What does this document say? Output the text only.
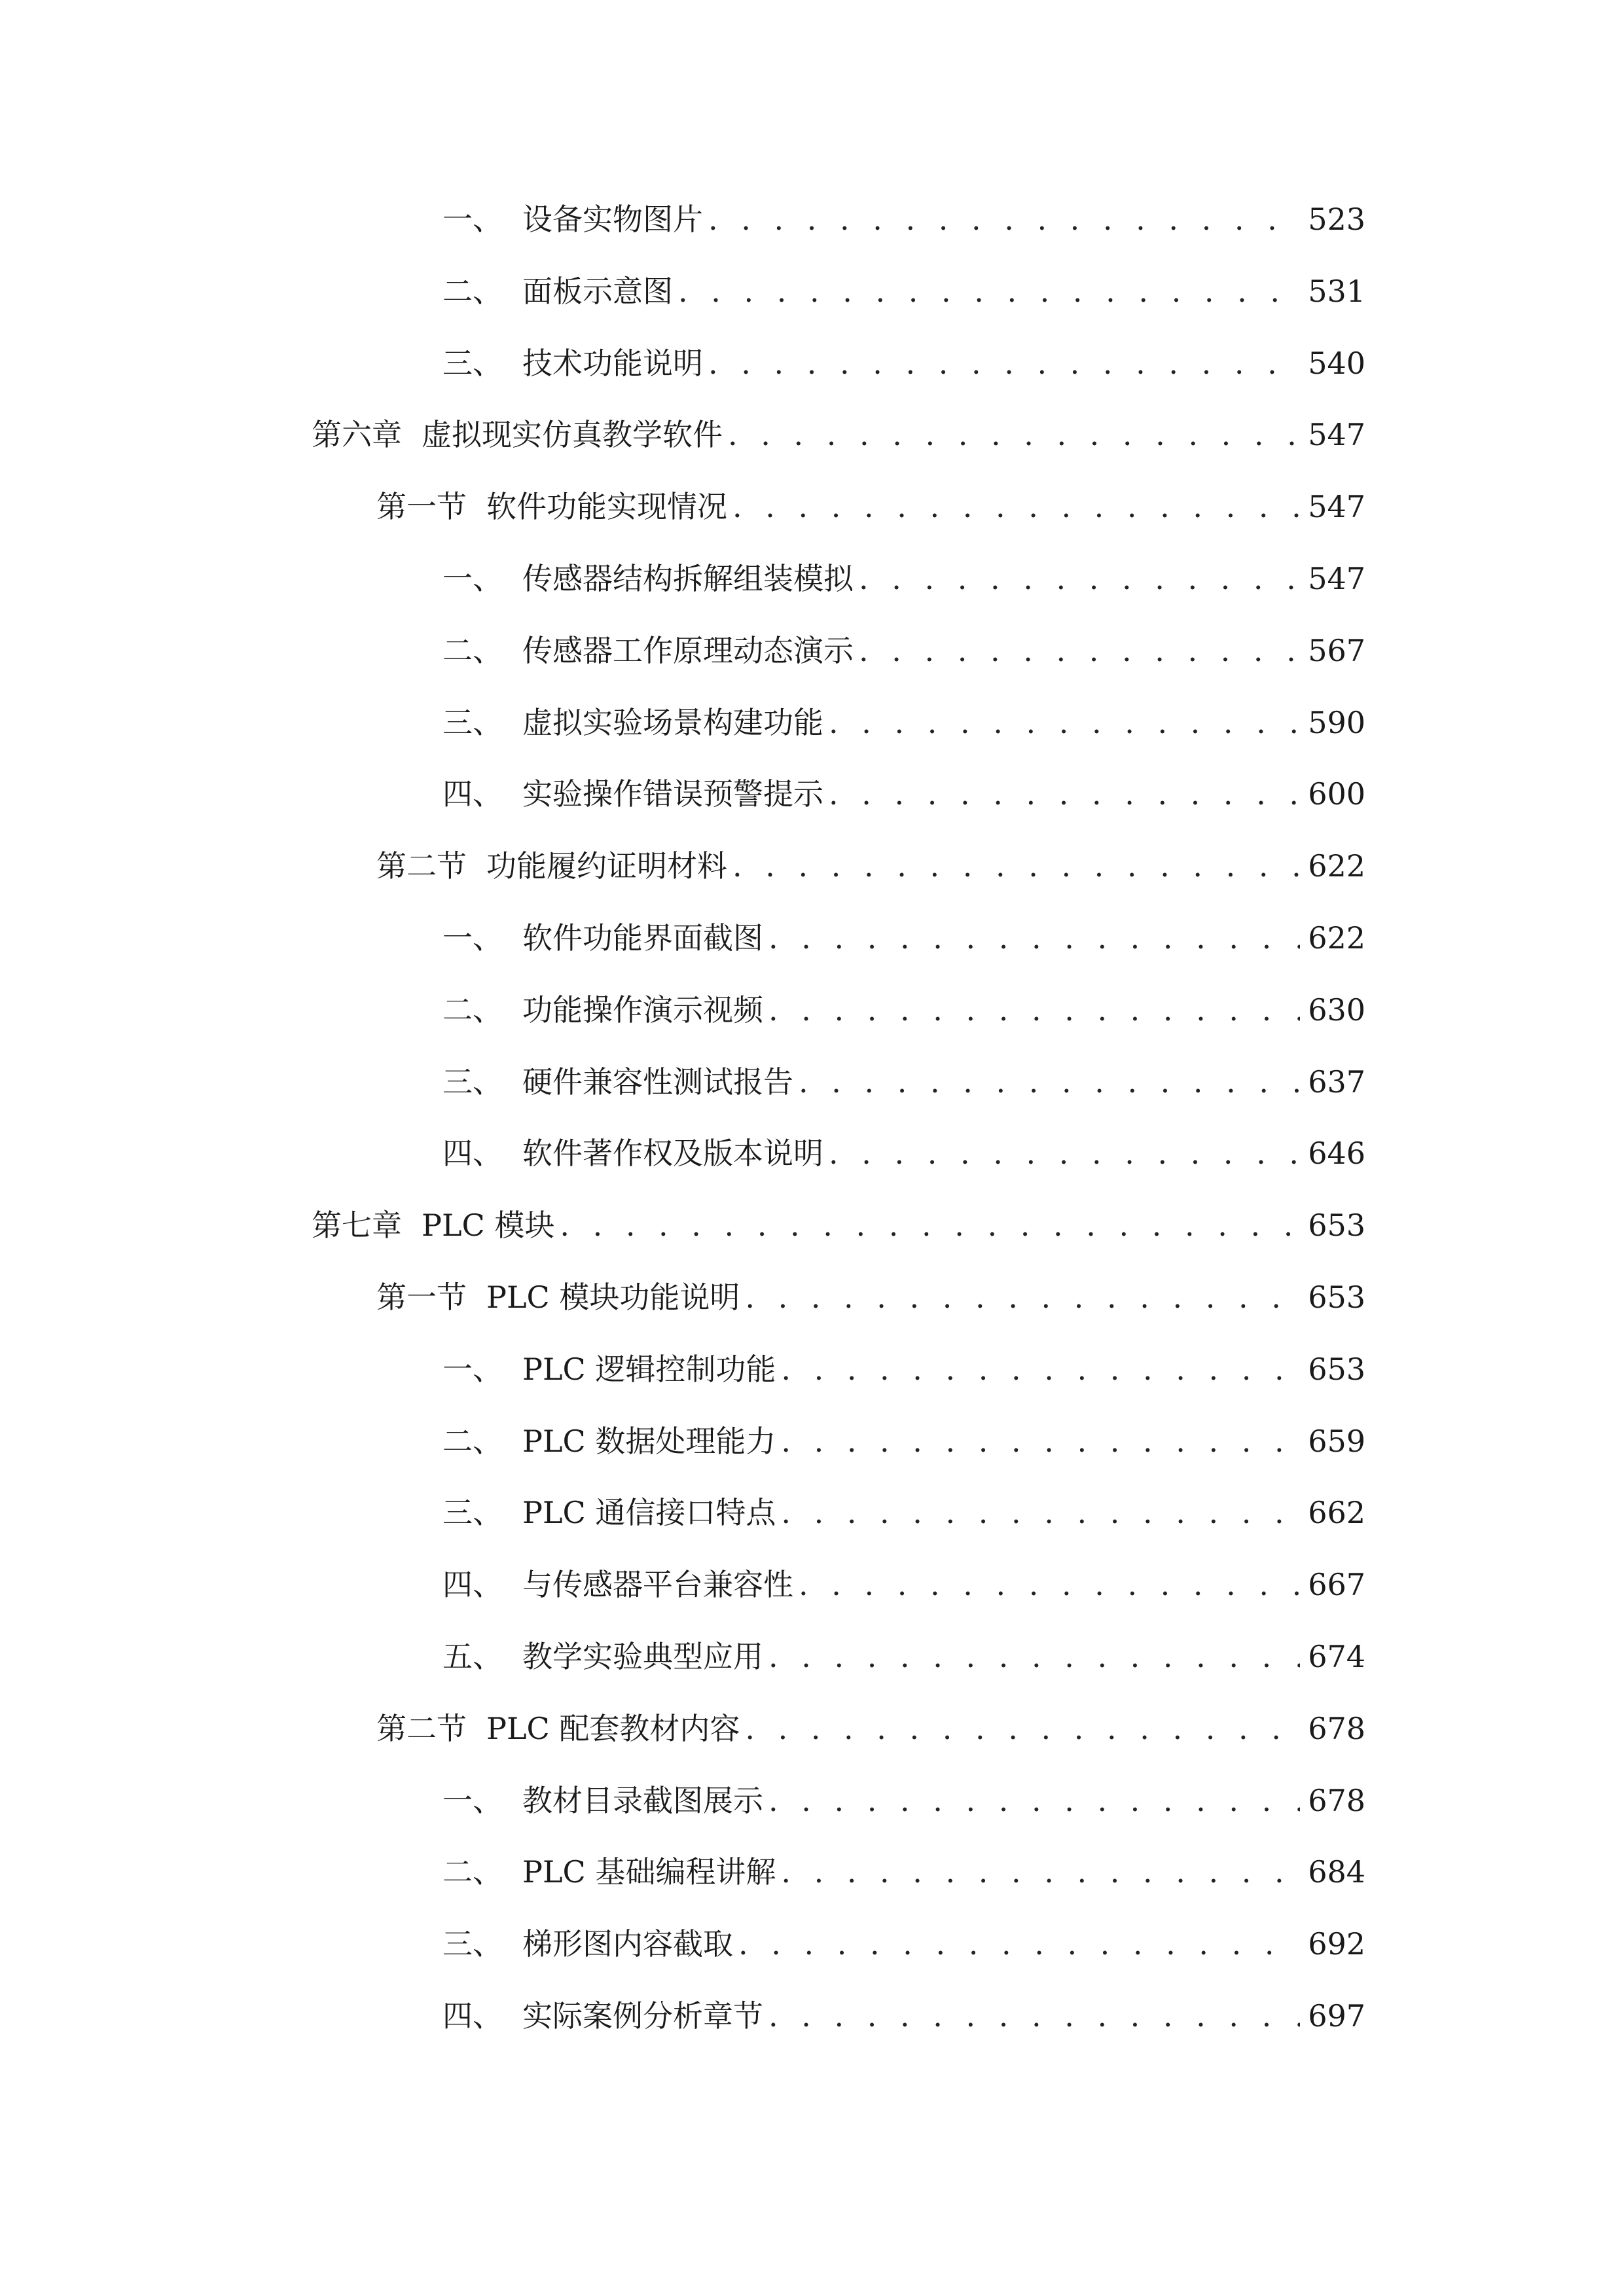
一、 设备实物图片 . . .	523
二、 面板示意图 . . .	531
三、 技术功能说明 . . .	540
第六章 虚拟现实仿真教学软件 . . .	547
第一节 软件功能实现情况 . . .	547
一、 传感器结构拆解组装模拟 . . .	547
二、 传感器工作原理动态演示 . . .	567
三、 虚拟实验场景构建功能 . . .	590
四、 实验操作错误预警提示 . . .	600
第二节 功能履约证明材料 . . .	622
一、 软件功能界面截图 . . .	622
二、 功能操作演示视频 . . .	630
三、 硬件兼容性测试报告 . . .	637
四、 软件著作权及版本说明 . . .	646
第七章 PLC 模块 . . .	653
第一节 PLC 模块功能说明 . . .	653
一、 PLC 逻辑控制功能 . . .	653
二、 PLC 数据处理能力 . . .	659
三、 PLC 通信接口特点 . . .	662
四、 与传感器平台兼容性 . . .	667
五、 教学实验典型应用 . . .	674
第二节 PLC 配套教材内容 . . .	678
一、 教材目录截图展示 . . .	678
二、 PLC 基础编程讲解 . . .	684
三、 梯形图内容截取 . . .	692
四、 实际案例分析章节 . . .	697
